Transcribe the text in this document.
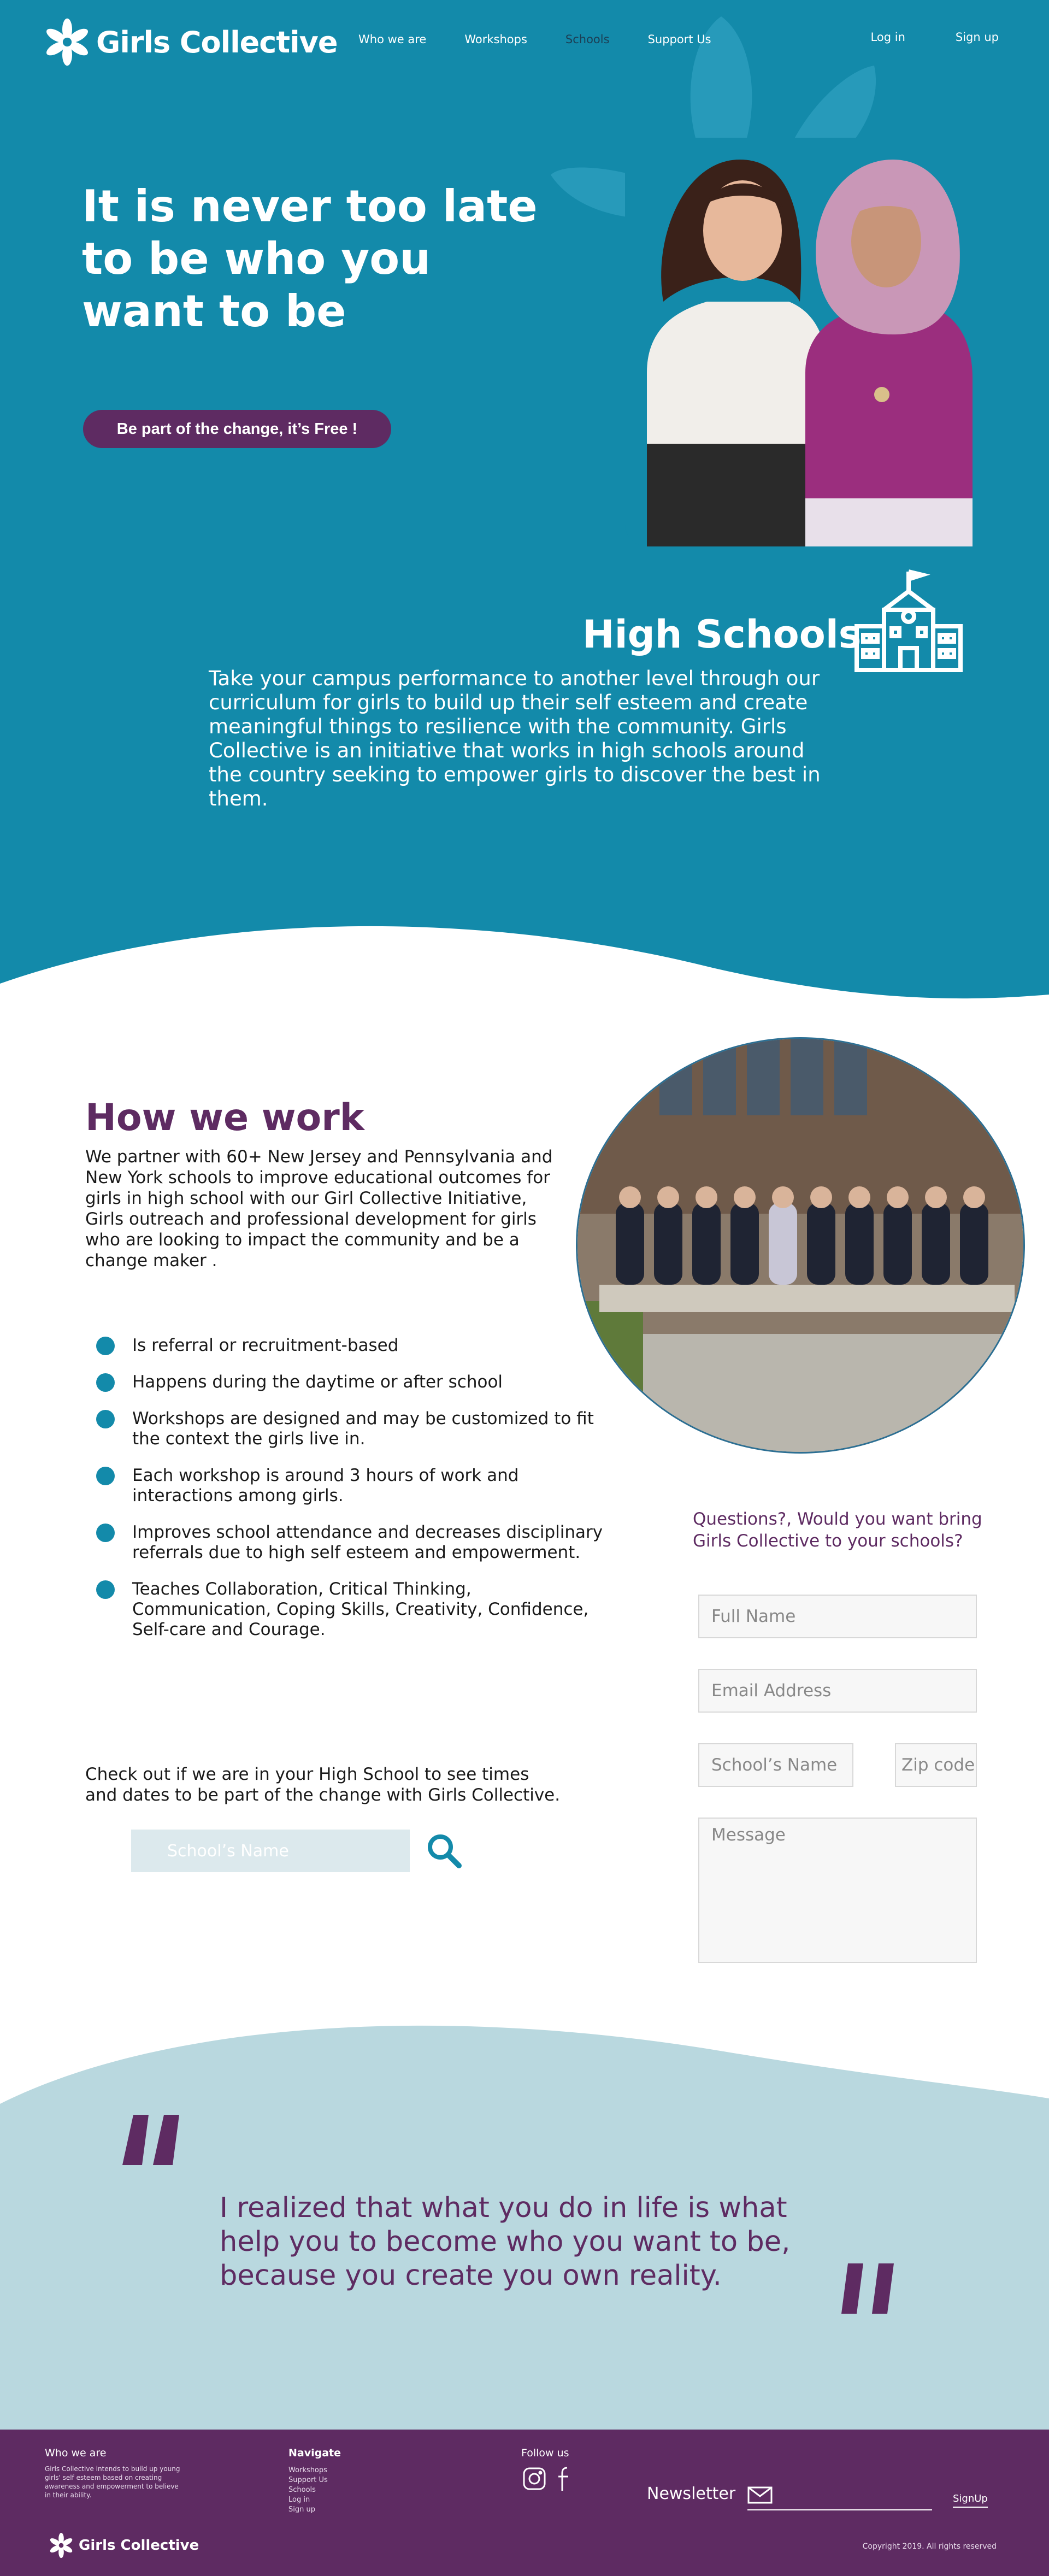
Girls Collective Who we are	Workshops	Schools	Support Us	Log in	Sign up
It is never too late to be who you want to be
Be part of the change, it’s Free !
High Schools

Take your campus performance to another level through our curriculum for girls to build up their self esteem and create meaningful things to resilience with the community. Girls Collective is an initiative that works in high schools around the country seeking to empower girls to discover the best in them.

How we work

We partner with 60+ New Jersey and Pennsylvania and New York schools to improve educational outcomes for girls in high school with our Girl Collective Initiative, Girls outreach and professional development for girls who are looking to impact the community and be a change maker .

Is referral or recruitment-based
Happens during the daytime or after school
Workshops are designed and may be customized to fit the context the girls live in.
Each workshop is around 3 hours of work and interactions among girls.
Improves school attendance and decreases disciplinary referrals due to high self esteem and empowerment.
Teaches Collaboration, Critical Thinking, Communication, Coping Skills, Creativity, Confidence, Self-care and Courage.

Check out if we are in your High School to see times and dates to be part of the change with Girls Collective.

School’s Name

Questions?, Would you want bring Girls Collective to your schools?

Full Name
Email Address
School’s Name
Zip code
Message

I realized that what you do in life is what help you to become who you want to be, because you create you own reality.

Who we are

Girls Collective intends to build up young girls' self esteem based on creating awareness and empowerment to believe in their ability.

Navigate
Workshops
Support Us
Schools
Log in
Sign up
Follow us
Newsletter	SignUp
Girls Collective	Copyright 2019. All rights reserved
